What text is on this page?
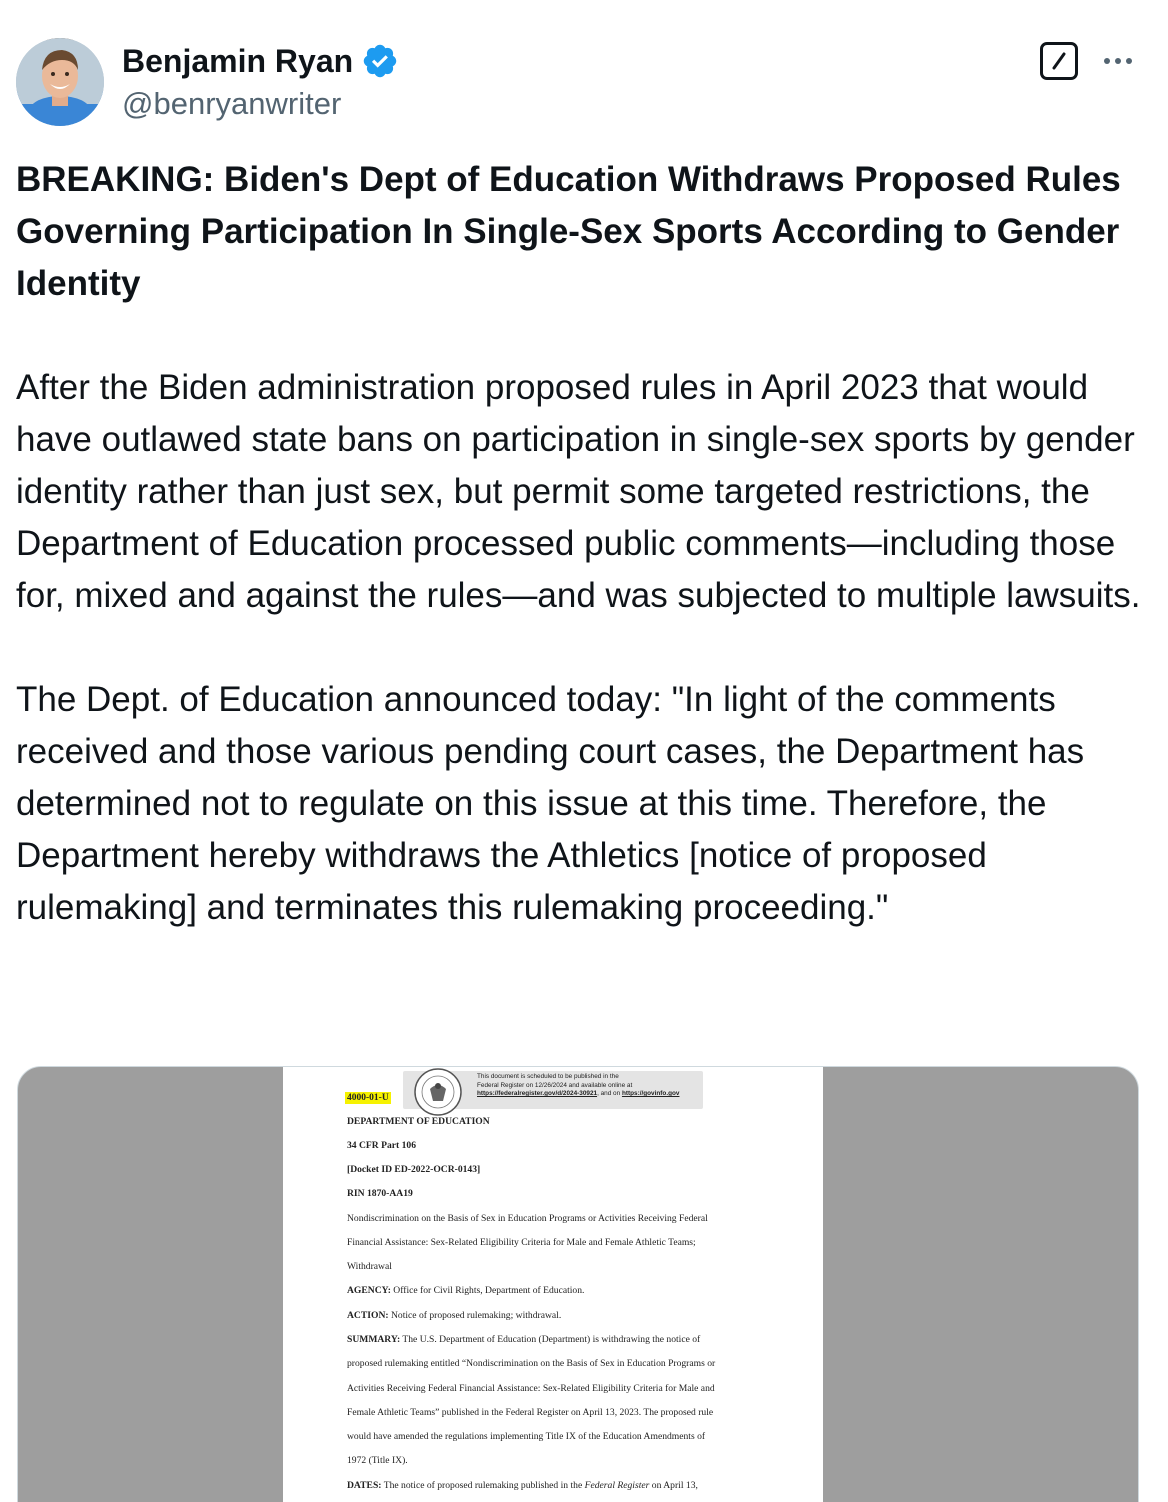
Benjamin Ryan
@benryanwriter

BREAKING: Biden's Dept of Education Withdraws Proposed Rules Governing Participation In Single-Sex Sports According to Gender Identity

After the Biden administration proposed rules in April 2023 that would have outlawed state bans on participation in single-sex sports by gender identity rather than just sex, but permit some targeted restrictions, the Department of Education processed public comments—including those for, mixed and against the rules—and was subjected to multiple lawsuits.

The Dept. of Education announced today: "In light of the comments received and those various pending court cases, the Department has determined not to regulate on this issue at this time. Therefore, the Department hereby withdraws the Athletics [notice of proposed rulemaking] and terminates this rulemaking proceeding."

This document is scheduled to be published in the
Federal Register on 12/26/2024 and available online at
https://federalregister.gov/d/2024-30921, and on https://govinfo.gov
4000-01-U
DEPARTMENT OF EDUCATION
34 CFR Part 106
[Docket ID ED-2022-OCR-0143]
RIN 1870-AA19
Nondiscrimination on the Basis of Sex in Education Programs or Activities Receiving Federal
Financial Assistance: Sex-Related Eligibility Criteria for Male and Female Athletic Teams;
Withdrawal
AGENCY: Office for Civil Rights, Department of Education.
ACTION: Notice of proposed rulemaking; withdrawal.
SUMMARY: The U.S. Department of Education (Department) is withdrawing the notice of
proposed rulemaking entitled “Nondiscrimination on the Basis of Sex in Education Programs or
Activities Receiving Federal Financial Assistance: Sex-Related Eligibility Criteria for Male and
Female Athletic Teams” published in the Federal Register on April 13, 2023. The proposed rule
would have amended the regulations implementing Title IX of the Education Amendments of
1972 (Title IX).
DATES: The notice of proposed rulemaking published in the Federal Register on April 13,
